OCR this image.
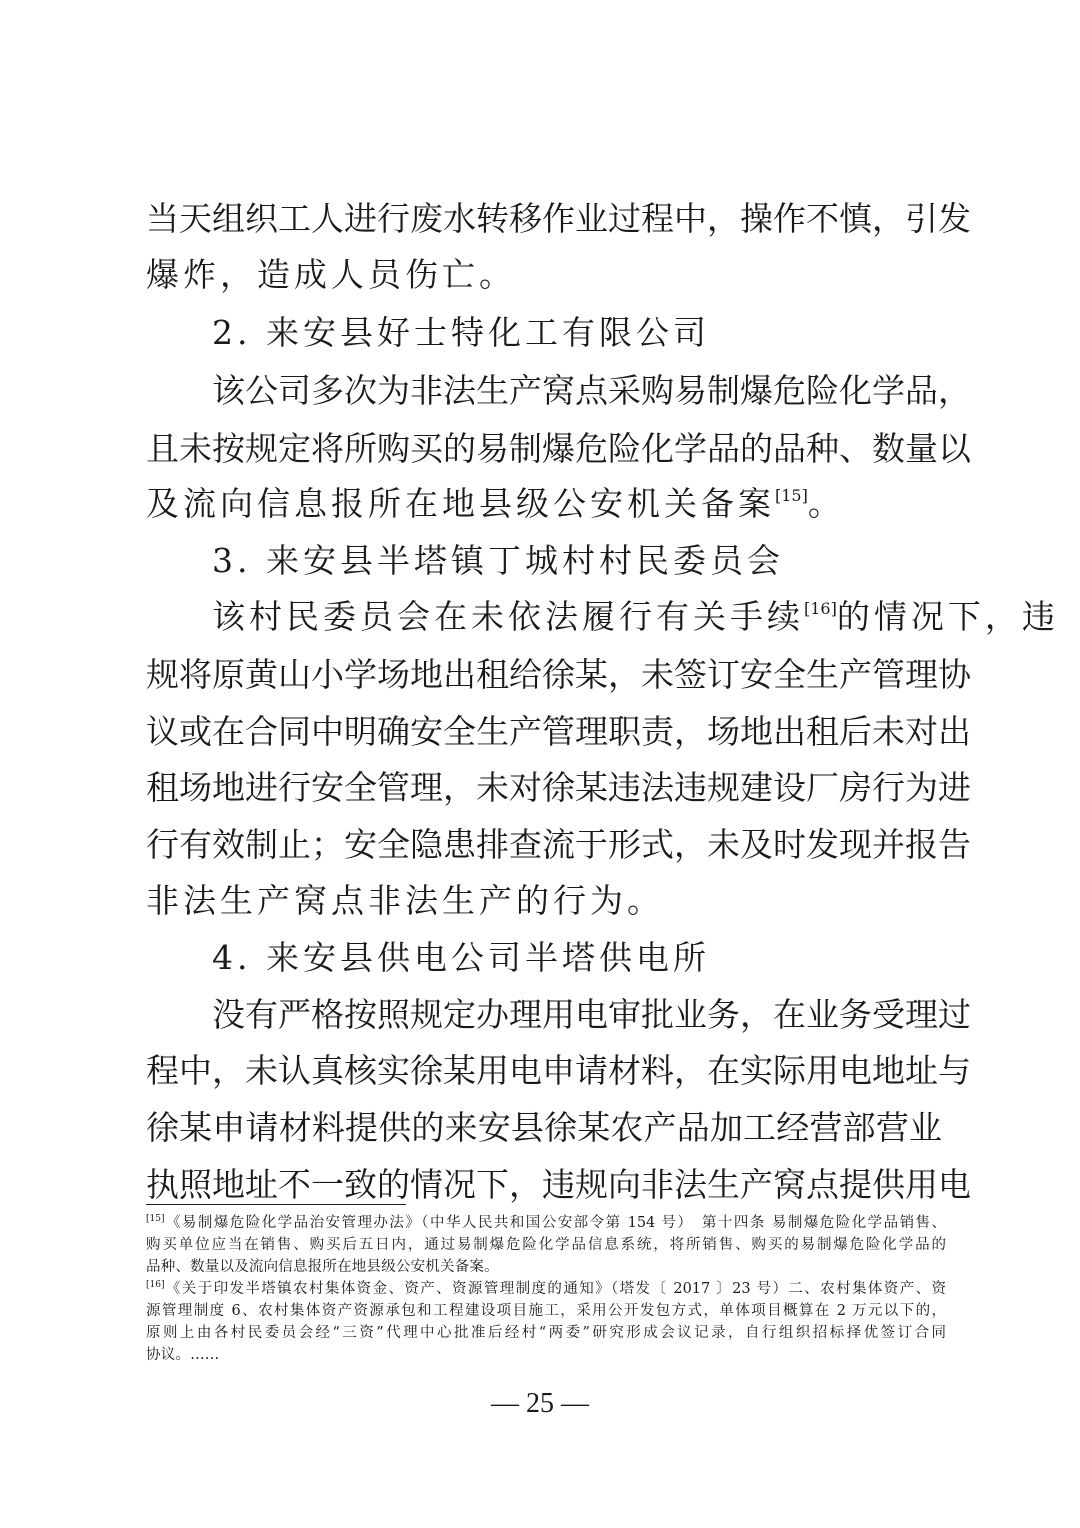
当天组织工人进行废水转移作业过程中，操作不慎，引发
爆炸，造成人员伤亡。
2. 来安县好士特化工有限公司
该公司多次为非法生产窝点采购易制爆危险化学品，
且未按规定将所购买的易制爆危险化学品的品种、数量以
及流向信息报所在地县级公安机关备案[15]。
3. 来安县半塔镇丁城村村民委员会
该村民委员会在未依法履行有关手续[16]的情况下，违
规将原黄山小学场地出租给徐某，未签订安全生产管理协
议或在合同中明确安全生产管理职责，场地出租后未对出
租场地进行安全管理，未对徐某违法违规建设厂房行为进
行有效制止；安全隐患排查流于形式，未及时发现并报告
非法生产窝点非法生产的行为。
4. 来安县供电公司半塔供电所
没有严格按照规定办理用电审批业务，在业务受理过
程中，未认真核实徐某用电申请材料，在实际用电地址与
徐某申请材料提供的来安县徐某农产品加工经营部营业
执照地址不一致的情况下，违规向非法生产窝点提供用电
[15]《易制爆危险化学品治安管理办法》（中华人民共和国公安部令第 154 号）　第十四条 易制爆危险化学品销售、
购买单位应当在销售、购买后五日内，通过易制爆危险化学品信息系统，将所销售、购买的易制爆危险化学品的
品种、数量以及流向信息报所在地县级公安机关备案。
[16]《关于印发半塔镇农村集体资金、资产、资源管理制度的通知》（塔发〔 2017 〕23 号）二、农村集体资产、资
源管理制度 6、农村集体资产资源承包和工程建设项目施工，采用公开发包方式，单体项目概算在 2 万元以下的，
原则上由各村民委员会经“三资”代理中心批准后经村“两委”研究形成会议记录，自行组织招标择优签订合同
协议。……
— 25 —
